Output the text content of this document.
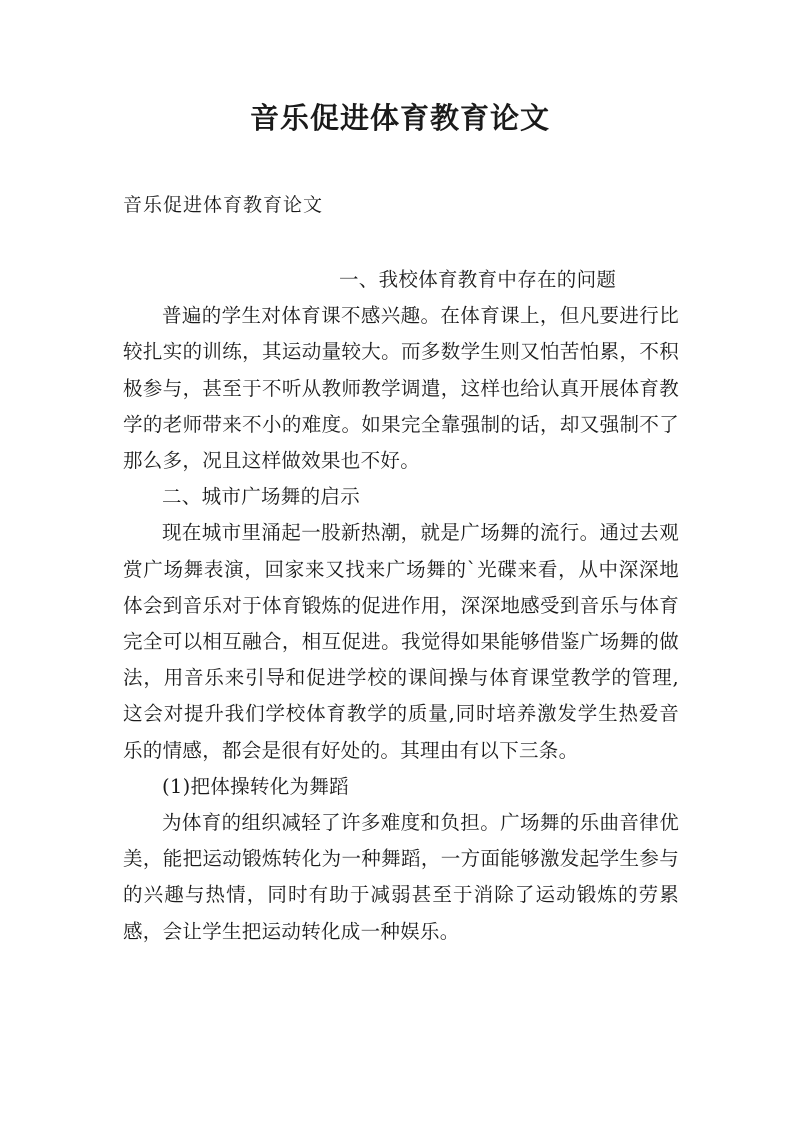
音乐促进体育教育论文
音乐促进体育教育论文

一、我校体育教育中存在的问题

普遍的学生对体育课不感兴趣。在体育课上，但凡要进行比较扎实的训练，其运动量较大。而多数学生则又怕苦怕累，不积极参与，甚至于不听从教师教学调遣，这样也给认真开展体育教学的老师带来不小的难度。如果完全靠强制的话，却又强制不了那么多，况且这样做效果也不好。

二、城市广场舞的启示

现在城市里涌起一股新热潮，就是广场舞的流行。通过去观赏广场舞表演，回家来又找来广场舞的`光碟来看，从中深深地体会到音乐对于体育锻炼的促进作用，深深地感受到音乐与体育完全可以相互融合，相互促进。我觉得如果能够借鉴广场舞的做法，用音乐来引导和促进学校的课间操与体育课堂教学的管理,这会对提升我们学校体育教学的质量,同时培养激发学生热爱音乐的情感，都会是很有好处的。其理由有以下三条。

(1)把体操转化为舞蹈

为体育的组织减轻了许多难度和负担。广场舞的乐曲音律优美，能把运动锻炼转化为一种舞蹈，一方面能够激发起学生参与的兴趣与热情，同时有助于减弱甚至于消除了运动锻炼的劳累感，会让学生把运动转化成一种娱乐。
